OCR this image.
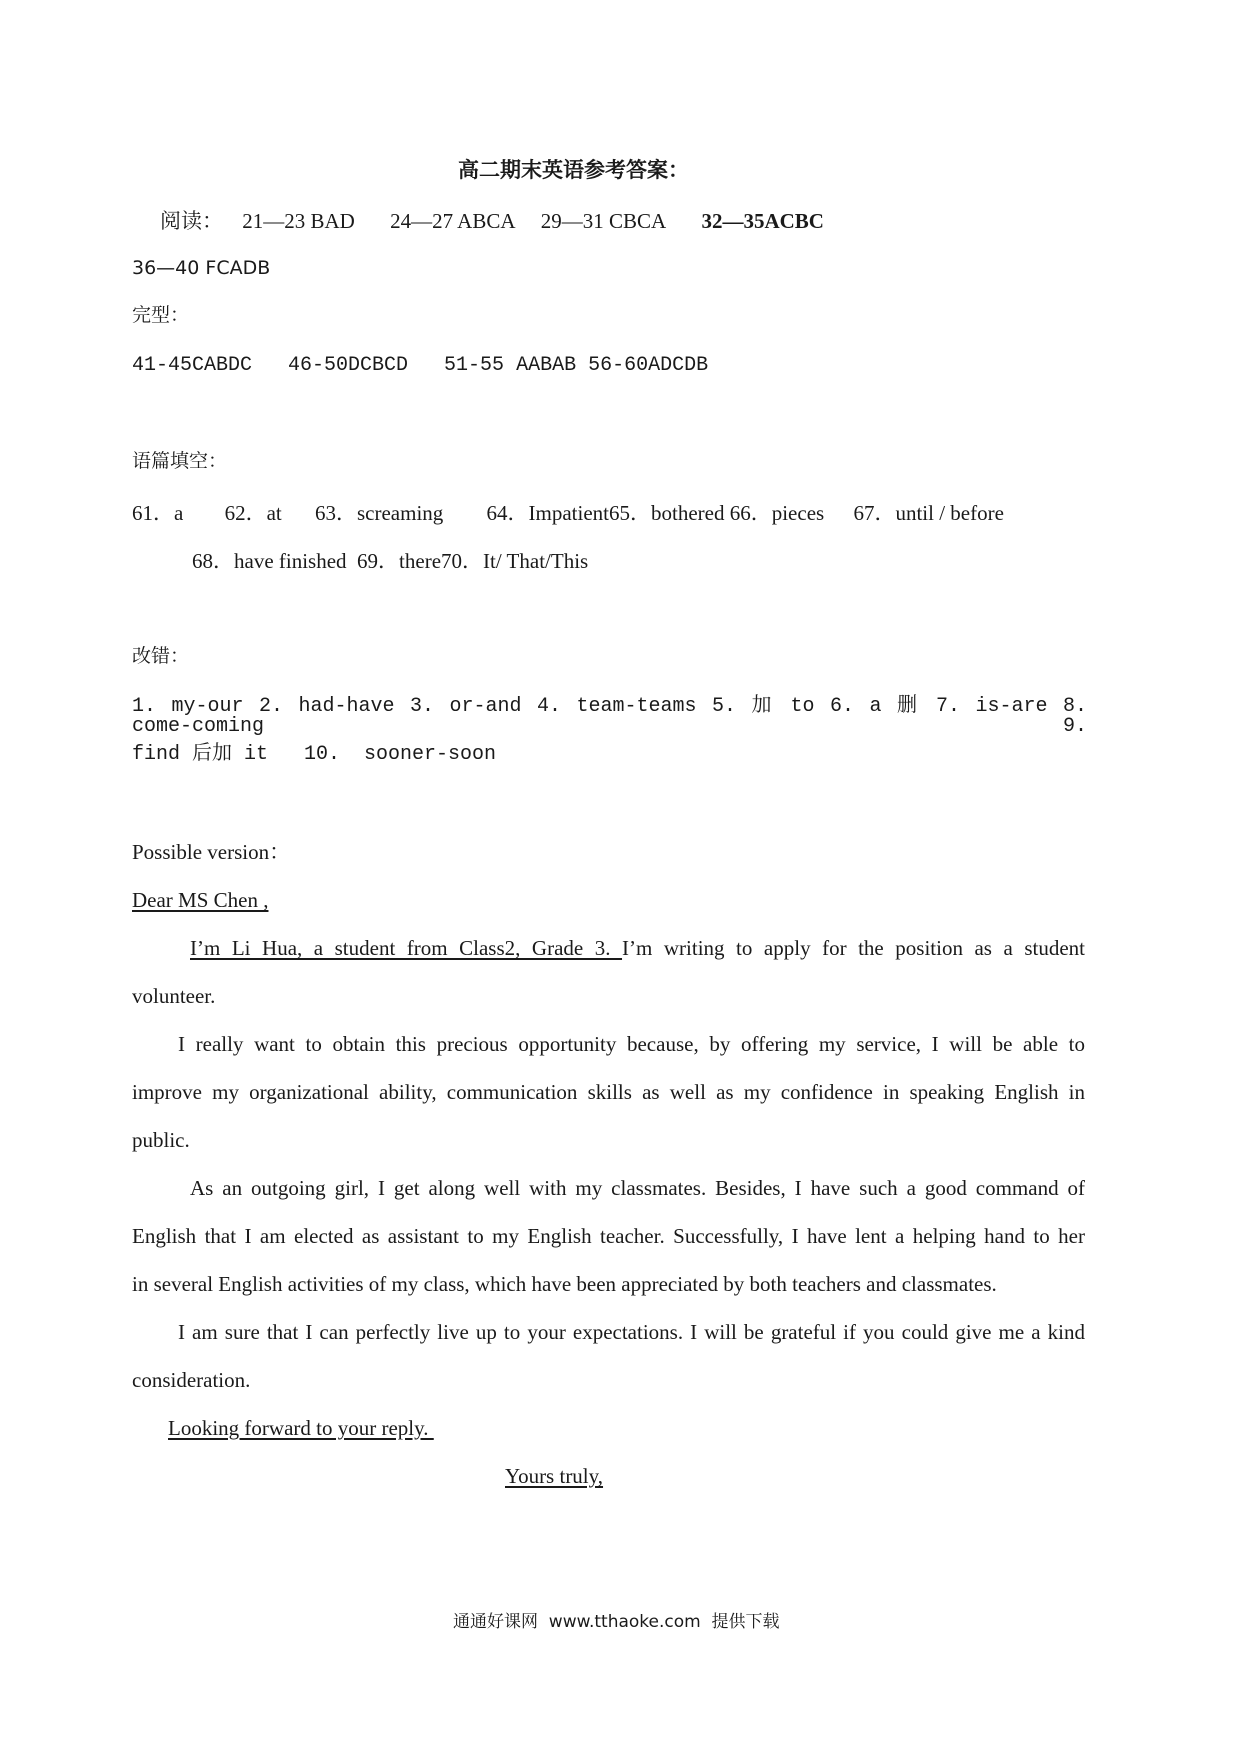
高二期末英语参考答案：
阅读： 21—23 BAD 24—27 ABCA 29—31 CBCA 32—35ACBC
36—40 FCADB
完型：
41-45CABDC   46-50DCBCD   51-55 AABAB 56-60ADCDB
语篇填空：
61．a 62．at 63．screaming 64．Impatient65．bothered 66．pieces 67．until / before
68．have finished  69．there70．It/ That/This
改错：
1. my-our 2. had-have 3. or-and 4. team-teams 5. 加 to 6. a 删 7. is-are 8. come-coming 9.
find 后加 it   10.  sooner-soon
Possible version：
Dear MS Chen ,
I’m Li Hua, a student from Class2, Grade 3. I’m writing to apply for the position as a student
volunteer.
I really want to obtain this precious opportunity because, by offering my service, I will be able to
improve my organizational ability, communication skills as well as my confidence in speaking English in
public.
As an outgoing girl, I get along well with my classmates. Besides, I have such a good command of
English that I am elected as assistant to my English teacher. Successfully, I have lent a helping hand to her
in several English activities of my class, which have been appreciated by both teachers and classmates.
I am sure that I can perfectly live up to your expectations. I will be grateful if you could give me a kind
consideration.
Looking forward to your reply.
Yours truly,
通通好课网  www.tthaoke.com  提供下载
